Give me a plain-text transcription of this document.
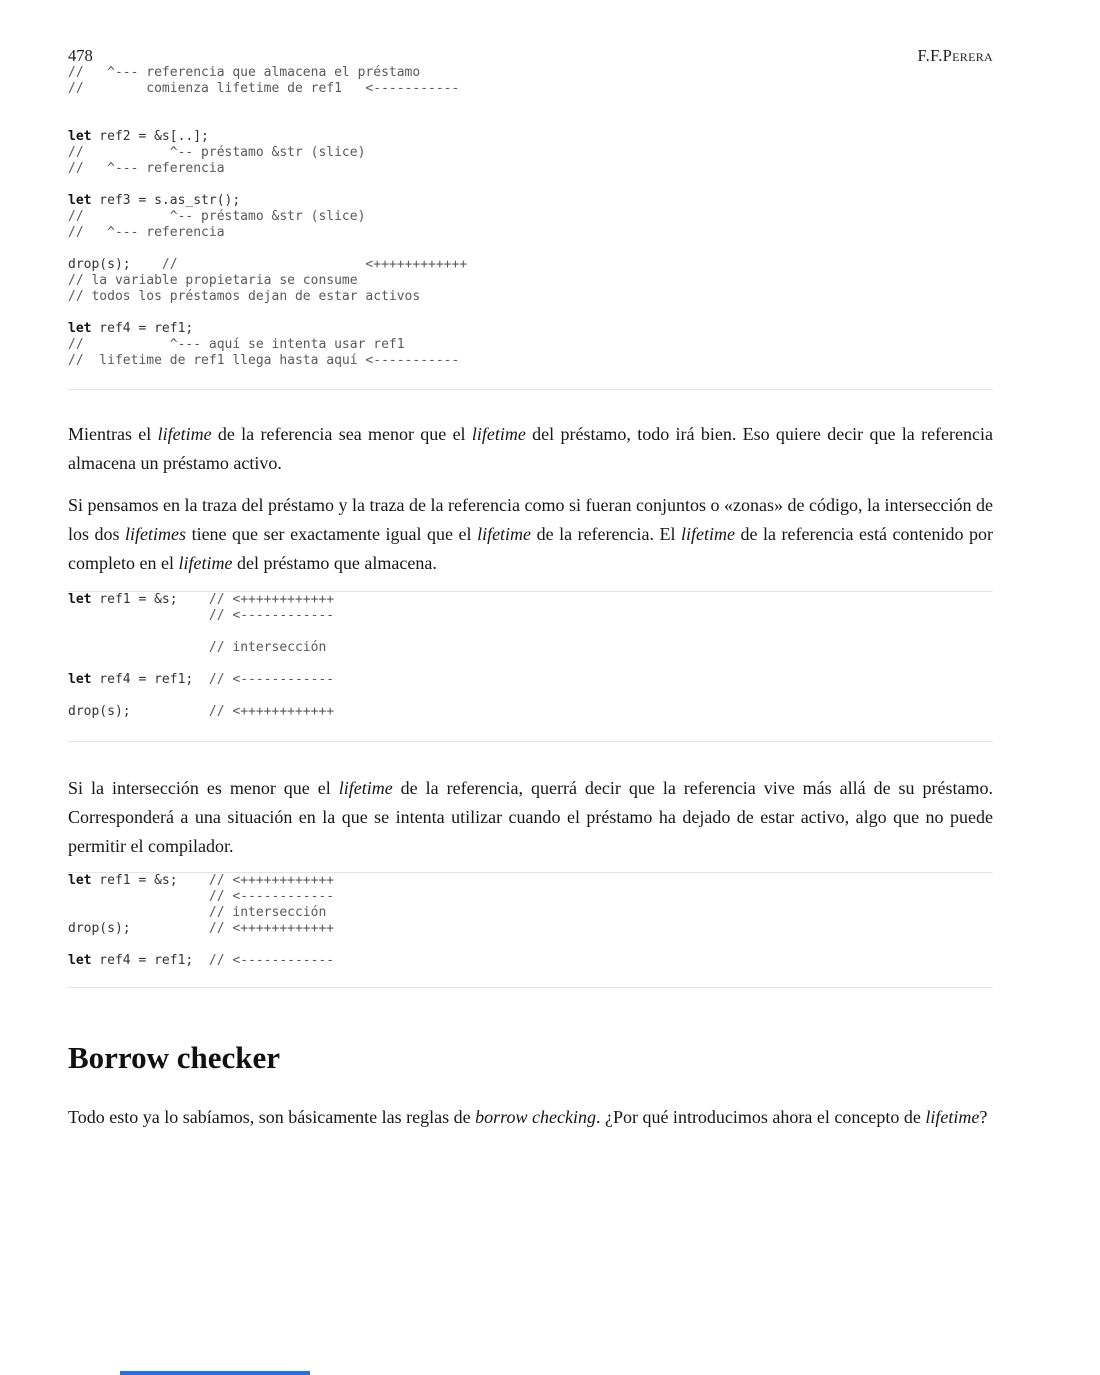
478	F.F.Perera
//   ^--- referencia que almacena el préstamo
//        comienza lifetime de ref1   <-----------

let ref2 = &s[..];
//           ^-- préstamo &str (slice)
//   ^--- referencia

let ref3 = s.as_str();
//           ^-- préstamo &str (slice)
//   ^--- referencia

drop(s);    //                        <++++++++++++
// la variable propietaria se consume
// todos los préstamos dejan de estar activos

let ref4 = ref1;
//           ^--- aquí se intenta usar ref1
//  lifetime de ref1 llega hasta aquí <-----------

Mientras el lifetime de la referencia sea menor que el lifetime del préstamo, todo irá bien. Eso quiere decir que la referencia almacena un préstamo activo.

Si pensamos en la traza del préstamo y la traza de la referencia como si fueran conjuntos o «zonas» de código, la intersección de los dos lifetimes tiene que ser exactamente igual que el lifetime de la referencia. El lifetime de la referencia está contenido por completo en el lifetime del préstamo que almacena.

let ref1 = &s;    // <++++++++++++
// <------------

// intersección

let ref4 = ref1;  // <------------

drop(s);          // <++++++++++++

Si la intersección es menor que el lifetime de la referencia, querrá decir que la referencia vive más allá de su préstamo. Corresponderá a una situación en la que se intenta utilizar cuando el préstamo ha dejado de estar activo, algo que no puede permitir el compilador.

let ref1 = &s;    // <++++++++++++
// <------------
// intersección
drop(s);          // <++++++++++++

let ref4 = ref1;  // <------------
Borrow checker

Todo esto ya lo sabíamos, son básicamente las reglas de borrow checking. ¿Por qué introducimos ahora el concepto de lifetime?
